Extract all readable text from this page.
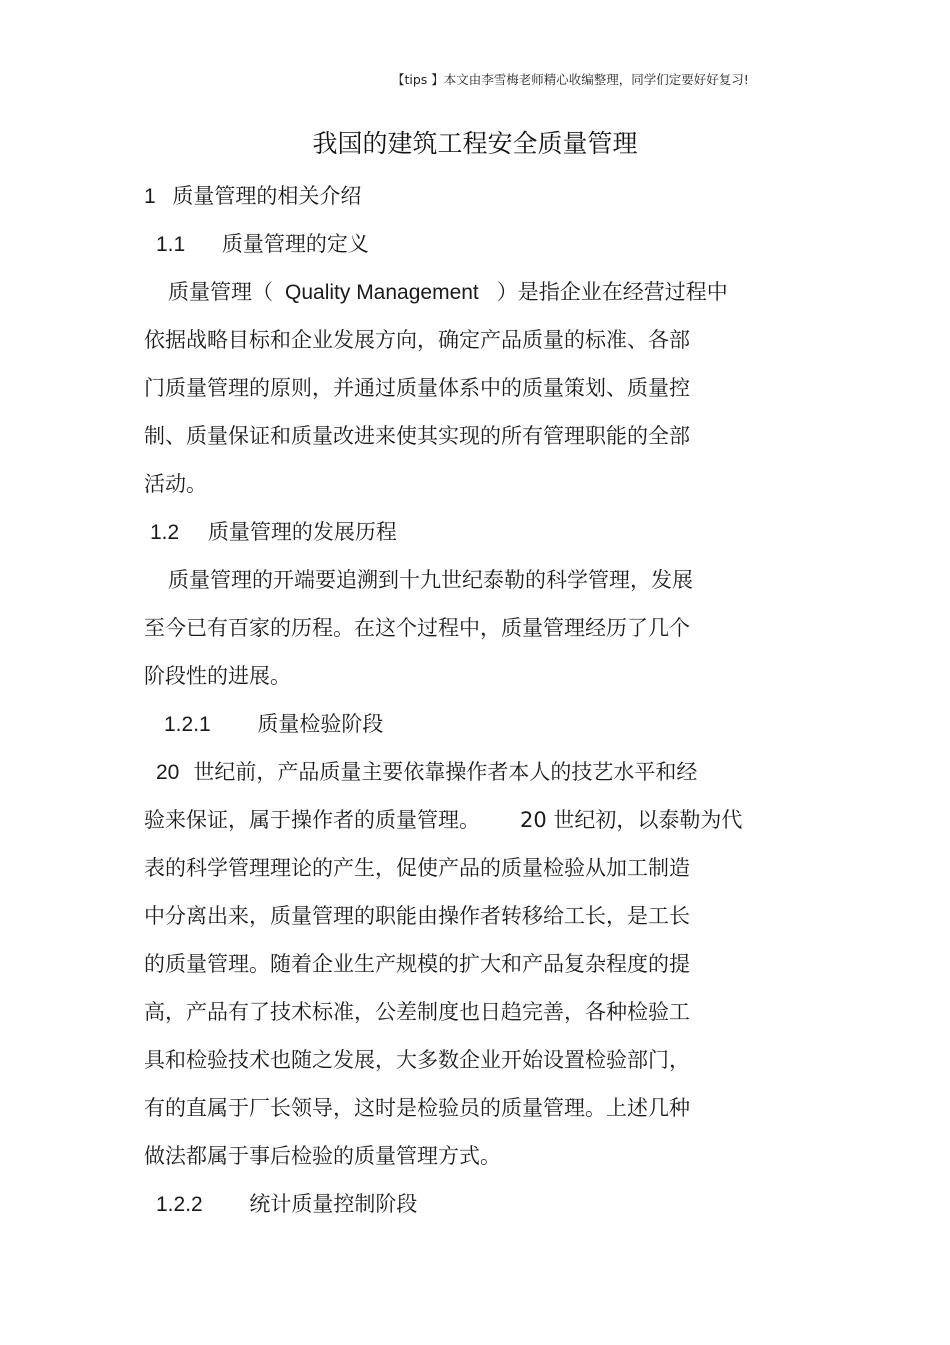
【tips 】本文由李雪梅老师精心收编整理，同学们定要好好复习!
我国的建筑工程安全质量管理
1 质量管理的相关介绍
1.1 质量管理的定义
质量管理（ Quality Management ）是指企业在经营过程中
依据战略目标和企业发展方向，确定产品质量的标准、各部
门质量管理的原则，并通过质量体系中的质量策划、质量控
制、质量保证和质量改进来使其实现的所有管理职能的全部
活动。
1.2 质量管理的发展历程
质量管理的开端要追溯到十九世纪泰勒的科学管理，发展
至今已有百家的历程。在这个过程中，质量管理经历了几个
阶段性的进展。
1.2.1 质量检验阶段
20 世纪前，产品质量主要依靠操作者本人的技艺水平和经
验来保证，属于操作者的质量管理。 20 世纪初，以泰勒为代
表的科学管理理论的产生，促使产品的质量检验从加工制造
中分离出来，质量管理的职能由操作者转移给工长，是工长
的质量管理。随着企业生产规模的扩大和产品复杂程度的提
高，产品有了技术标准，公差制度也日趋完善，各种检验工
具和检验技术也随之发展，大多数企业开始设置检验部门，
有的直属于厂长领导，这时是检验员的质量管理。上述几种
做法都属于事后检验的质量管理方式。
1.2.2 统计质量控制阶段
